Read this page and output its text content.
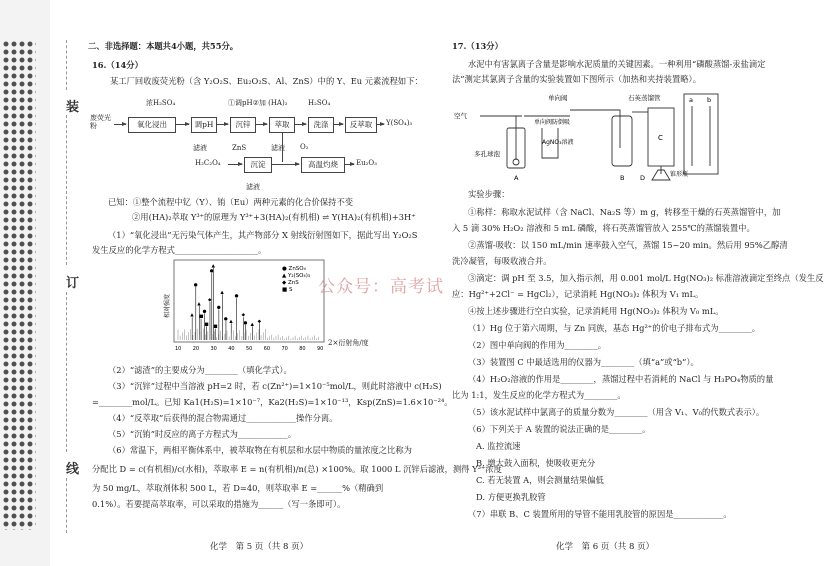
装
订
线
二、非选择题：本题共4小题，共55分。
16.（14分）
某工厂回收废荧光粉（含 Y₂O₂S、Eu₂O₂S、Al、ZnS）中的 Y、Eu 元素流程如下：
废荧光粉	氧化浸出
浓H₂SO₄
调pH
滤液
沉锌
①调pH②加 (HA)₂
ZnS
萃取
滤液
洗涤
H₂SO₄
反萃取	Y(SO₄)₃
H₂C₂O₄	沉淀
滤液
O₂
高温灼烧	Eu₂O₃
已知：①整个流程中钇（Y）、铕（Eu）两种元素的化合价保持不变
②用(HA)₂萃取 Y³⁺的原理为 Y³⁺+3(HA)₂(有机相) ⇌ Y(HA)₂(有机相)+3H⁺
（1）“氧化浸出”无污染气体产生，其产物部分 X 射线衍射图如下，据此写出 Y₂O₂S
发生反应的化学方程式____________________。
相对强度
●
●
●
●
●
●
●
▲
▲
▲
▲
▲
▲
◆
◆
◆
■
■ ■
10 20 30 40 50 60 70 80 90
● ZnSO₄
▲ Y₂(SO₄)₃
◆ ZnS
■ S
2×衍射角/度
（2）“滤渣”的主要成分为________（填化学式）。
（3）“沉锌”过程中当溶液 pH=2 时，若 c(Zn²⁺)=1×10⁻⁵mol/L，则此时溶液中 c(H₂S)
=________mol/L。已知 Ka1(H₂S)=1×10⁻⁷，Ka2(H₂S)=1×10⁻¹³，Ksp(ZnS)=1.6×10⁻²⁴。
（4）“反萃取”后获得的混合物需通过____________操作分离。
（5）“沉铕”时反应的离子方程式为____________。
（6）常温下，两相平衡体系中，被萃取物在有机层和水层中物质的量浓度之比称为
分配比 D = c(有机相)/c(水相)，萃取率 E = n(有机相)/n(总) ×100%。取 1000 L 沉锌后滤液，测得 Y³⁺浓度
为 50 mg/L，萃取剂体积 500 L，若 D=40，则萃取率 E =______%（精确到
0.1%）。若要提高萃取率，可以采取的措施为______（写一条即可）。
化学　第 5 页（共 8 页）
17.（13分）
水泥中有害氯离子含量是影响水泥质量的关键因素。一种利用“磷酸蒸馏-汞盐滴定
法”测定其氯离子含量的实验装置如下图所示（加热和夹持装置略）。
空气
单向阀	石英蒸馏管
多孔球泡
AgNO₃溶液
单向阀防倒吸
A	B
C
D	锥形瓶
a b
实验步骤：
①称样：称取水泥试样（含 NaCl、Na₂S 等）m g，转移至干燥的石英蒸馏管中，加
入 5 滴 30% H₂O₂ 溶液和 5 mL 磷酸，将石英蒸馏管放入 255℃的蒸馏装置中。
②蒸馏-吸收：以 150 mL/min 速率鼓入空气，蒸馏 15~20 min。然后用 95%乙醇清
洗冷凝管，每吸收液合并。
③滴定：调 pH 至 3.5，加入指示剂，用 0.001 mol/L Hg(NO₃)₂ 标准溶液滴定至终点（发生反
应：Hg²⁺+2Cl⁻ = HgCl₂），记录消耗 Hg(NO₃)₂ 体积为 V₁ mL。
④按上述步骤进行空白实验，记录消耗用 Hg(NO₃)₂ 体积为 V₀ mL。
（1）Hg 位于第六周期，与 Zn 同族，基态 Hg²⁺的价电子排布式为________。
（2）图中单向阀的作用为________。
（3）装置图 C 中最适选用的仪器为________（填“a”或“b”）。
（4）H₂O₂溶液的作用是________，蒸馏过程中若消耗的 NaCl 与 H₃PO₄物质的量
比为 1:1，发生反应的化学方程式为________。
（5）该水泥试样中氯离子的质量分数为________（用含 V₁、V₀的代数式表示）。
（6）下列关于 A 装置的说法正确的是________。
A. 监控流速
B. 增大鼓入面积，使吸收更充分
C. 若无装置 A，则会测量结果偏低
D. 方便更换乳胶管
（7）串联 B、C 装置所用的导管不能用乳胶管的原因是____________。
化学　第 6 页（共 8 页）
公众号：高考试
